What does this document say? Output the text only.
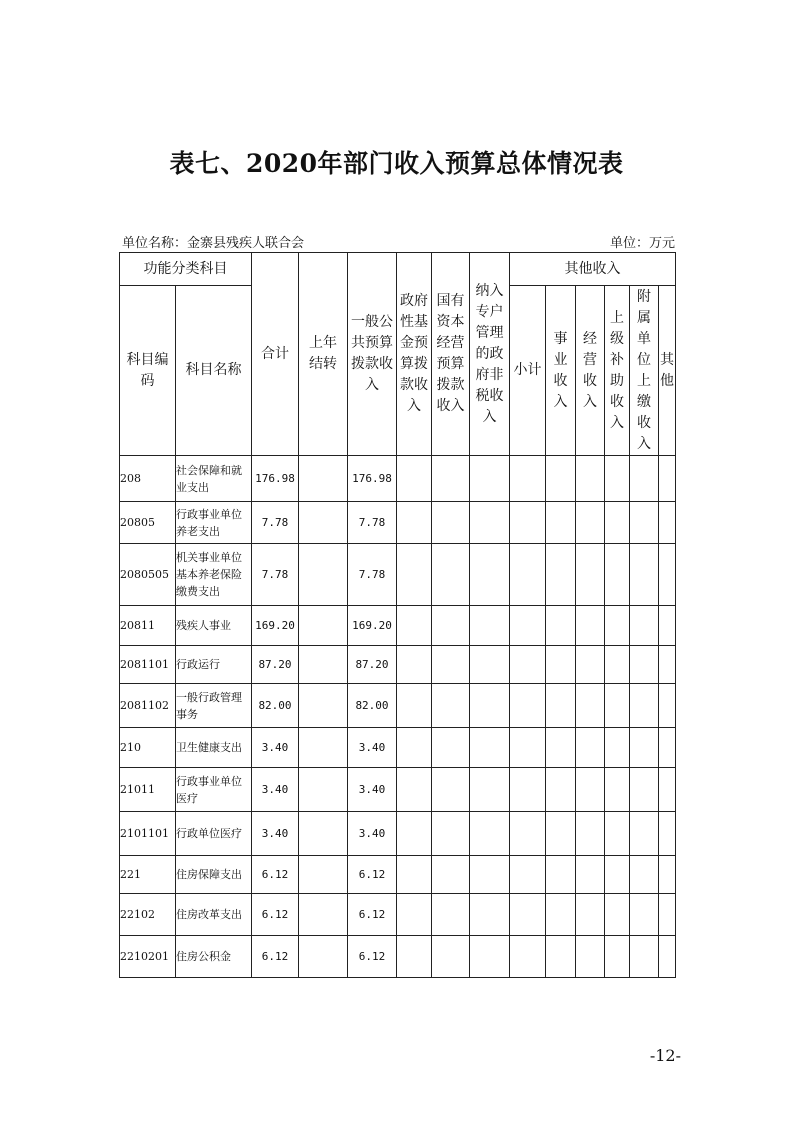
表七、2020年部门收入预算总体情况表
单位名称：金寨县残疾人联合会	单位：万元
功能分类科目		合计	上年结转	一般公共预算拨款收入	政府性基金预算拨款收入	国有资本经营预算拨款收入	纳入专户管理的政府非税收入	其他收入					
科目编码	科目名称							小计	事业收入	经营收入	上级补助收入	附属单位上缴收入	其他
208	社会保障和就业支出	176.98		176.98									
20805	行政事业单位养老支出	7.78		7.78									
2080505	机关事业单位基本养老保险缴费支出	7.78		7.78									
20811	残疾人事业	169.20		169.20									
2081101	行政运行	87.20		87.20									
2081102	一般行政管理事务	82.00		82.00									
210	卫生健康支出	3.40		3.40									
21011	行政事业单位医疗	3.40		3.40									
2101101	行政单位医疗	3.40		3.40									
221	住房保障支出	6.12		6.12									
22102	住房改革支出	6.12		6.12									
2210201	住房公积金	6.12		6.12									
-12-
